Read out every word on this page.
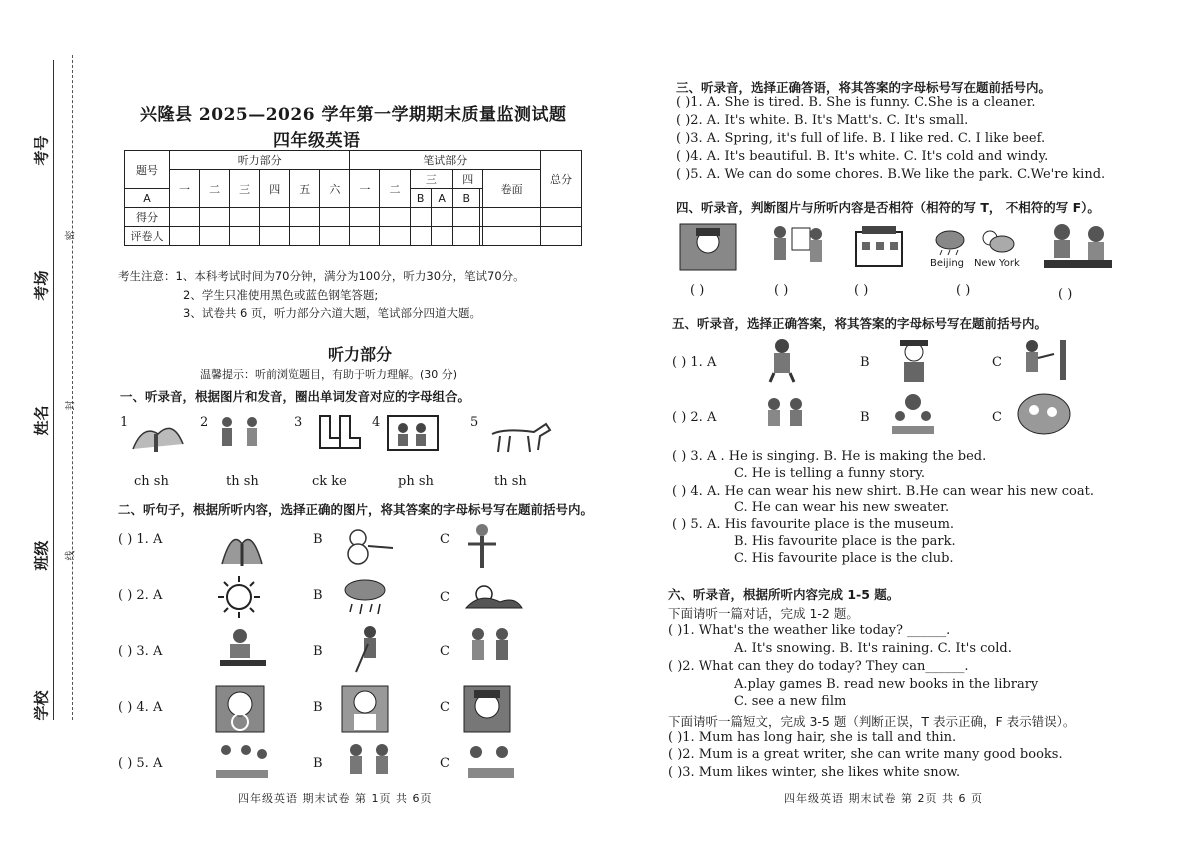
考号
考场
姓名
班级
学校
密
封
线
兴隆县 2025—2026 学年第一学期期末质量监测试题
四年级英语
题号	听力部分						笔试部分							总分
	一	二	三	四	五	六	一	二	三		四		卷面	
A									B	A	B			
得分														
评卷人														
考生注意：1、本科考试时间为70分钟，满分为100分，听力30分，笔试70分。
2、学生只准使用黑色或蓝色钢笔答题;
3、试卷共 6 页，听力部分六道大题，笔试部分四道大题。
听力部分
温馨提示：听前浏览题目，有助于听力理解。(30 分)
一、听录音，根据图片和发音，圈出单词发音对应的字母组合。
1	2	3	4	5
ch sh	th sh	ck ke	ph sh	th sh
二、听句子，根据所听内容，选择正确的图片，将其答案的字母标号写在题前括号内。
( ) 1. A	B	C
( ) 2. A	B	C
( ) 3. A	B	C
( ) 4. A	B	C
( ) 5. A	B	C
四年级英语 期末试卷 第 1页 共 6页
三、听录音，选择正确答语，将其答案的字母标号写在题前括号内。
( )1. A. She is tired. B. She is funny. C.She is a cleaner.
( )2. A. It's white. B. It's Matt's. C. It's small.
( )3. A. Spring, it's full of life. B. I like red. C. I like beef.
( )4. A. It's beautiful. B. It's white. C. It's cold and windy.
( )5. A. We can do some chores. B.We like the park. C.We're kind.
四、听录音，判断图片与所听内容是否相符（相符的写 T， 不相符的写 F）。
Beijing New York
( )	( )	( )	( )	( )
五、听录音，选择正确答案，将其答案的字母标号写在题前括号内。
( ) 1. A	B	C
( ) 2. A	B	C
( ) 3. A . He is singing. B. He is making the bed.
C. He is telling a funny story.
( ) 4. A. He can wear his new shirt. B.He can wear his new coat.
C. He can wear his new sweater.
( ) 5. A. His favourite place is the museum.
B. His favourite place is the park.
C. His favourite place is the club.
六、听录音，根据所听内容完成 1-5 题。
下面请听一篇对话，完成 1-2 题。
( )1. What's the weather like today? ______.
A. It's snowing. B. It's raining. C. It's cold.
( )2. What can they do today? They can______.
A.play games B. read new books in the library
C. see a new film
下面请听一篇短文，完成 3-5 题（判断正误，T 表示正确，F 表示错误）。
( )1. Mum has long hair, she is tall and thin.
( )2. Mum is a great writer, she can write many good books.
( )3. Mum likes winter, she likes white snow.
四年级英语 期末试卷 第 2页 共 6 页
